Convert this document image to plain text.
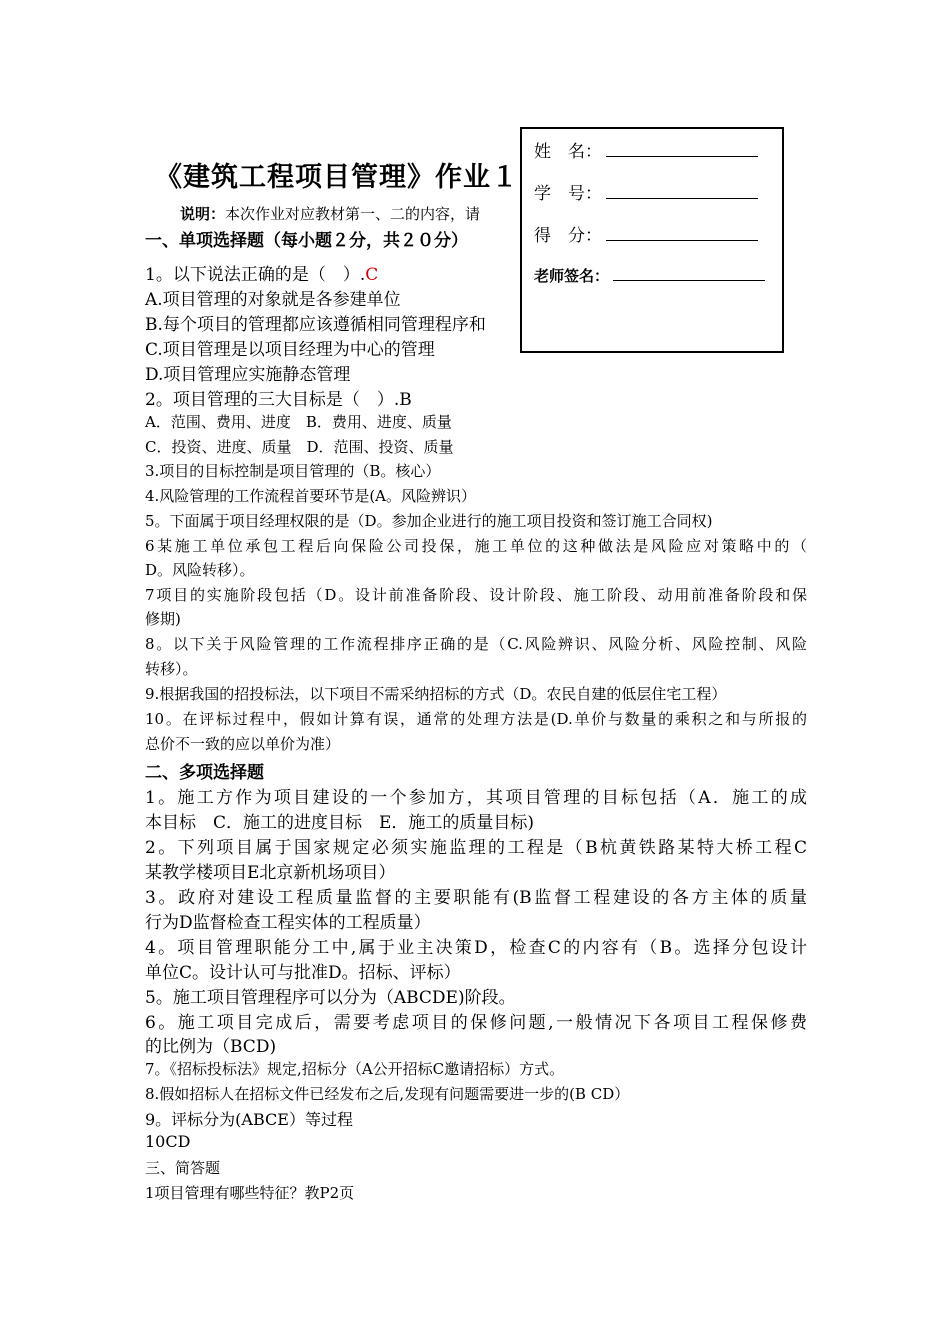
《建筑工程项目管理》作业１
说明：本次作业对应教材第一、二的内容，请
姓　名：
学　号：
得　分：
老师签名：
一、单项选择题（每小题２分，共２０分）
1。以下说法正确的是（　）.C
A.项目管理的对象就是各参建单位
B.每个项目的管理都应该遵循相同管理程序和
C.项目管理是以项目经理为中心的管理
D.项目管理应实施静态管理
2。项目管理的三大目标是（　）.B
A．范围、费用、进度　B．费用、进度、质量
C．投资、进度、质量　D．范围、投资、质量
3.项目的目标控制是项目管理的（B。核心）
4.风险管理的工作流程首要环节是(A。风险辨识）
5。下面属于项目经理权限的是（D。参加企业进行的施工项目投资和签订施工合同权)
6某施工单位承包工程后向保险公司投保，施工单位的这种做法是风险应对策略中的（
D。风险转移）。
7项目的实施阶段包括（D。设计前准备阶段、设计阶段、施工阶段、动用前准备阶段和保
修期)
8。以下关于风险管理的工作流程排序正确的是（C.风险辨识、风险分析、风险控制、风险
转移）。
9.根据我国的招投标法，以下项目不需采纳招标的方式（D。农民自建的低层住宅工程）
10。在评标过程中，假如计算有误，通常的处理方法是(D.单价与数量的乘积之和与所报的
总价不一致的应以单价为准）
二、多项选择题
1。施工方作为项目建设的一个参加方，其项目管理的目标包括（A．施工的成
本目标　C．施工的进度目标　E．施工的质量目标)
2。下列项目属于国家规定必须实施监理的工程是（B杭黄铁路某特大桥工程C
某教学楼项目E北京新机场项目）
3。政府对建设工程质量监督的主要职能有(B监督工程建设的各方主体的质量
行为D监督检查工程实体的工程质量）
4。项目管理职能分工中,属于业主决策D，检查C的内容有（B。选择分包设计
单位C。设计认可与批准D。招标、评标）
5。施工项目管理程序可以分为（ABCDE)阶段。
6。施工项目完成后，需要考虑项目的保修问题,一般情况下各项目工程保修费
的比例为（BCD)
7。《招标投标法》规定,招标分（A公开招标C邀请招标）方式。
8.假如招标人在招标文件已经发布之后,发现有问题需要进一步的(B CD）
9。评标分为(ABCE）等过程
10CD
三、简答题
1项目管理有哪些特征？教P2页
